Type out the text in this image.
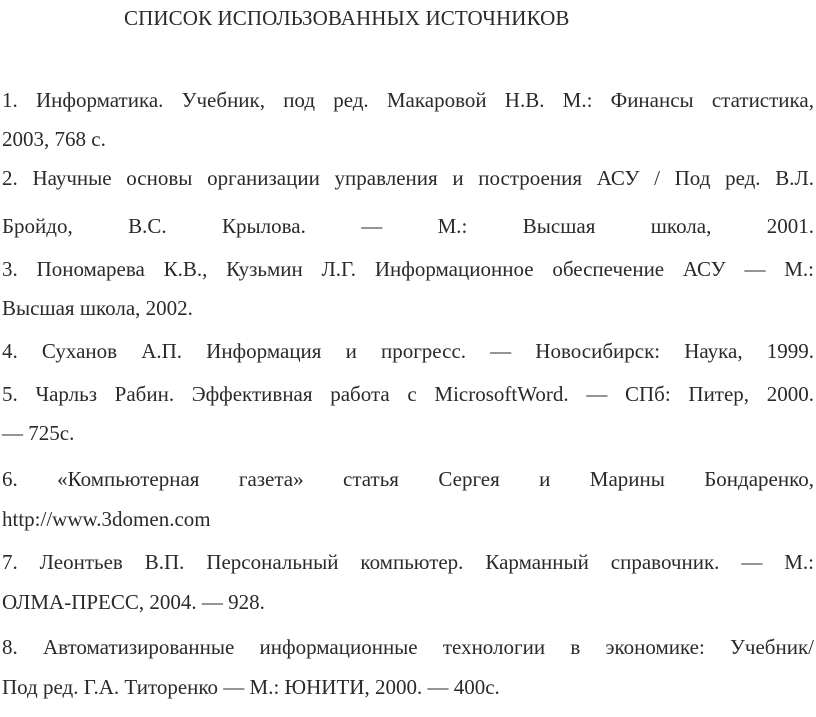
СПИСОК ИСПОЛЬЗОВАННЫХ ИСТОЧНИКОВ
1. Информатика. Учебник, под ред. Макаровой Н.В. М.: Финансы статистика,
2003, 768 с.
2. Научные основы организации управления и построения АСУ / Под ред. В.Л.
Бройдо, В.С. Крылова. — М.: Высшая школа, 2001.
3. Пономарева К.В., Кузьмин Л.Г. Информационное обеспечение АСУ — М.:
Высшая школа, 2002.
4. Суханов А.П. Информация и прогресс. — Новосибирск: Наука, 1999.
5. Чарльз Рабин. Эффективная работа с MicrosoftWord. — СПб: Питер, 2000.
— 725с.
6. «Компьютерная газета» статья Сергея и Марины Бондаренко,
http://www.3domen.com
7. Леонтьев В.П. Персональный компьютер. Карманный справочник. — М.:
ОЛМА-ПРЕСС, 2004. — 928.
8. Автоматизированные информационные технологии в экономике: Учебник/
Под ред. Г.А. Титоренко — М.: ЮНИТИ, 2000. — 400с.
